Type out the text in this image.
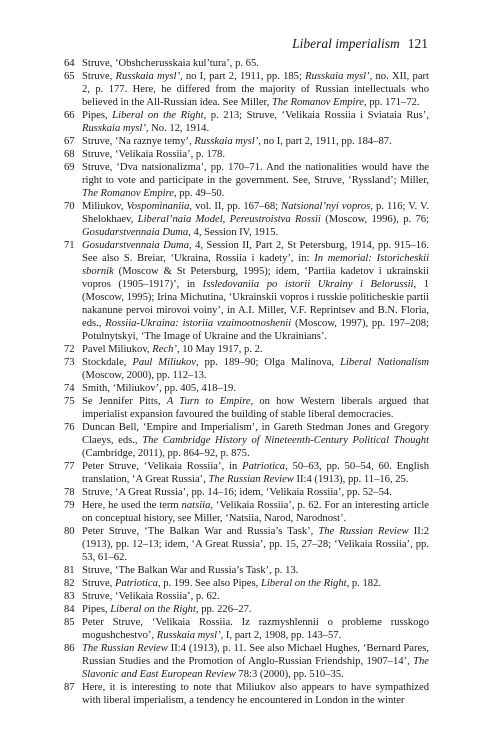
Liberal imperialism 121

64 Struve, ‘Obshcherusskaia kul’tura’, p. 65.

65 Struve, Russkaia mysl’, no I, part 2, 1911, pp. 185; Russkaia mysl’, no. XII, part 2, p. 177. Here, he differed from the majority of Russian intellectuals who believed in the All-Russian idea. See Miller, The Romanov Empire, pp. 171–72.

66 Pipes, Liberal on the Right, p. 213; Struve, ‘Velikaia Rossiia i Sviataia Rus’, Russkaia mysl’, No. 12, 1914.

67 Struve, ‘Na raznye temy’, Russkaia mysl’, no I, part 2, 1911, pp. 184–87.

68 Struve, ‘Velikaia Rossiia’, p. 178.

69 Struve, ‘Dva natsionalizma’, pp. 170–71. And the nationalities would have the right to vote and participate in the government. See, Struve, ‘Ryssland’; Miller, The Romanov Empire, pp. 49–50.

70 Miliukov, Vospominaniia, vol. II, pp. 167–68; Natsional’nyi vopros, p. 116; V. V. Shelokhaev, Liberal’naia Model, Pereustroistva Rossii (Moscow, 1996), p. 76; Gosudarstvennaia Duma, 4, Session IV, 1915.

71 Gosudarstvennaia Duma, 4, Session II, Part 2, St Petersburg, 1914, pp. 915–16. See also S. Breiar, ‘Ukraina, Rossiia i kadety’, in: In memorial: Istoricheskii sbornik (Moscow & St Petersburg, 1995); idem, ‘Partiia kadetov i ukrainskii vopros (1905–1917)’, in Issledovaniia po istorii Ukrainy i Belorussii, 1 (Moscow, 1995); Irina Michutina, ‘Ukrainskii vopros i russkie politicheskie partii nakanune pervoi mirovoi voiny’, in A.I. Miller, V.F. Reprintsev and B.N. Floria, eds., Rossiia-Ukraina: istoriia vzaimootnoshenii (Moscow, 1997), pp. 197–208; Potulnytskyi, ‘The Image of Ukraine and the Ukrainians’.

72 Pavel Miliukov, Rech’, 10 May 1917, p. 2.

73 Stockdale, Paul Miliukov, pp. 189–90; Olga Malinova, Liberal Nationalism (Moscow, 2000), pp. 112–13.

74 Smith, ‘Miliukov’, pp. 405, 418–19.

75 Se Jennifer Pitts, A Turn to Empire, on how Western liberals argued that imperialist expansion favoured the building of stable liberal democracies.

76 Duncan Bell, ‘Empire and Imperialism’, in Gareth Stedman Jones and Gregory Claeys, eds., The Cambridge History of Nineteenth-Century Political Thought (Cambridge, 2011), pp. 864–92, p. 875.

77 Peter Struve, ‘Velikaia Rossiia’, in Patriotica, 50–63, pp. 50–54, 60. English translation, ‘A Great Russia’, The Russian Review II:4 (1913), pp. 11–16, 25.

78 Struve, ‘A Great Russia’, pp. 14–16; idem, ‘Velikaia Rossiia’, pp. 52–54.

79 Here, he used the term natsiia, ‘Velikaia Rossiia’, p. 62. For an interesting article on conceptual history, see Miller, ‘Natsiia, Narod, Narodnost’.

80 Peter Struve, ‘The Balkan War and Russia’s Task’, The Russian Review II:2 (1913), pp. 12–13; idem, ‘A Great Russia’, pp. 15, 27–28; ‘Velikaia Rossiia’, pp. 53, 61–62.

81 Struve, ‘The Balkan War and Russia’s Task’, p. 13.

82 Struve, Patriotica, p. 199. See also Pipes, Liberal on the Right, p. 182.

83 Struve, ‘Velikaia Rossiia’, p. 62.

84 Pipes, Liberal on the Right, pp. 226–27.

85 Peter Struve, ‘Velikaia Rossiia. Iz razmyshlennii o probleme russkogo mogushchestvo’, Russkaia mysl’, I, part 2, 1908, pp. 143–57.

86 The Russian Review II:4 (1913), p. 11. See also Michael Hughes, ‘Bernard Pares, Russian Studies and the Promotion of Anglo-Russian Friendship, 1907–14’, The Slavonic and East European Review 78:3 (2000), pp. 510–35.

87 Here, it is interesting to note that Miliukov also appears to have sympathized with liberal imperialism, a tendency he encountered in London in the winter
